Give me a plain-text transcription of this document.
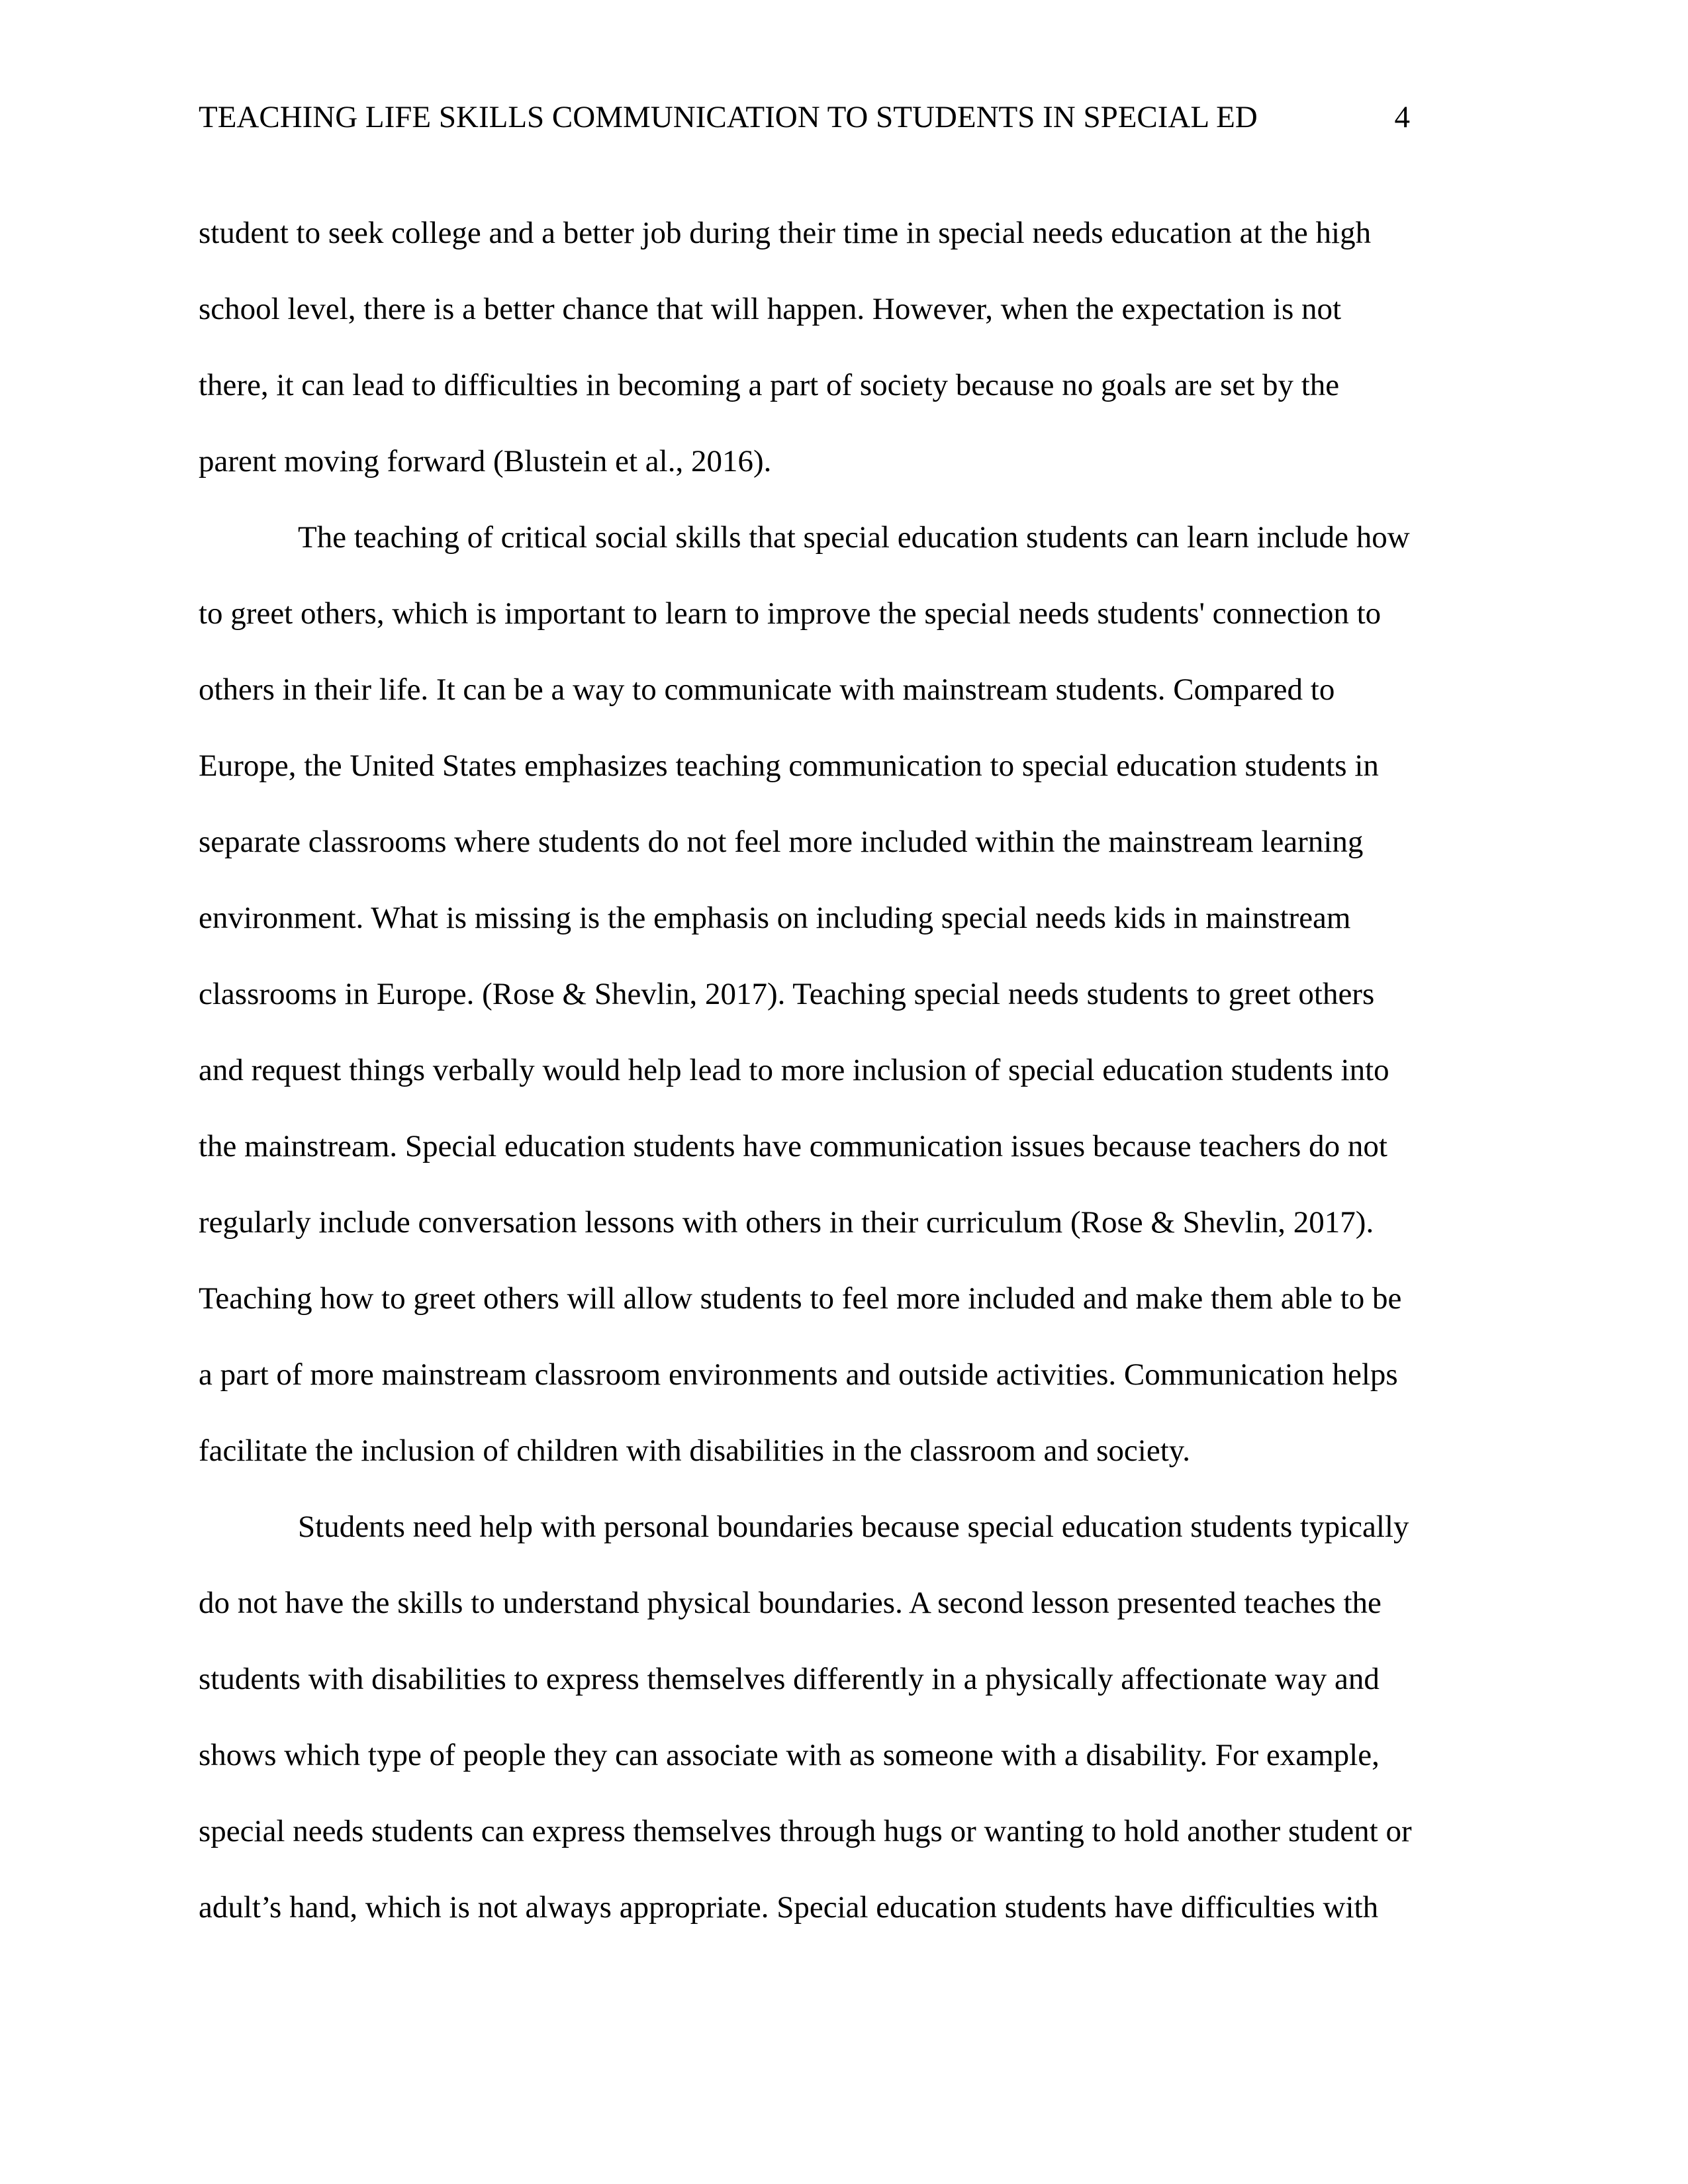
TEACHING LIFE SKILLS COMMUNICATION TO STUDENTS IN SPECIAL ED	4
student to seek college and a better job during their time in special needs education at the high
school level, there is a better chance that will happen. However, when the expectation is not
there, it can lead to difficulties in becoming a part of society because no goals are set by the
parent moving forward (Blustein et al., 2016).
The teaching of critical social skills that special education students can learn include how
to greet others, which is important to learn to improve the special needs students' connection to
others in their life. It can be a way to communicate with mainstream students. Compared to
Europe, the United States emphasizes teaching communication to special education students in
separate classrooms where students do not feel more included within the mainstream learning
environment. What is missing is the emphasis on including special needs kids in mainstream
classrooms in Europe. (Rose & Shevlin, 2017). Teaching special needs students to greet others
and request things verbally would help lead to more inclusion of special education students into
the mainstream. Special education students have communication issues because teachers do not
regularly include conversation lessons with others in their curriculum (Rose & Shevlin, 2017).
Teaching how to greet others will allow students to feel more included and make them able to be
a part of more mainstream classroom environments and outside activities. Communication helps
facilitate the inclusion of children with disabilities in the classroom and society.
Students need help with personal boundaries because special education students typically
do not have the skills to understand physical boundaries. A second lesson presented teaches the
students with disabilities to express themselves differently in a physically affectionate way and
shows which type of people they can associate with as someone with a disability. For example,
special needs students can express themselves through hugs or wanting to hold another student or
adult’s hand, which is not always appropriate. Special education students have difficulties with
